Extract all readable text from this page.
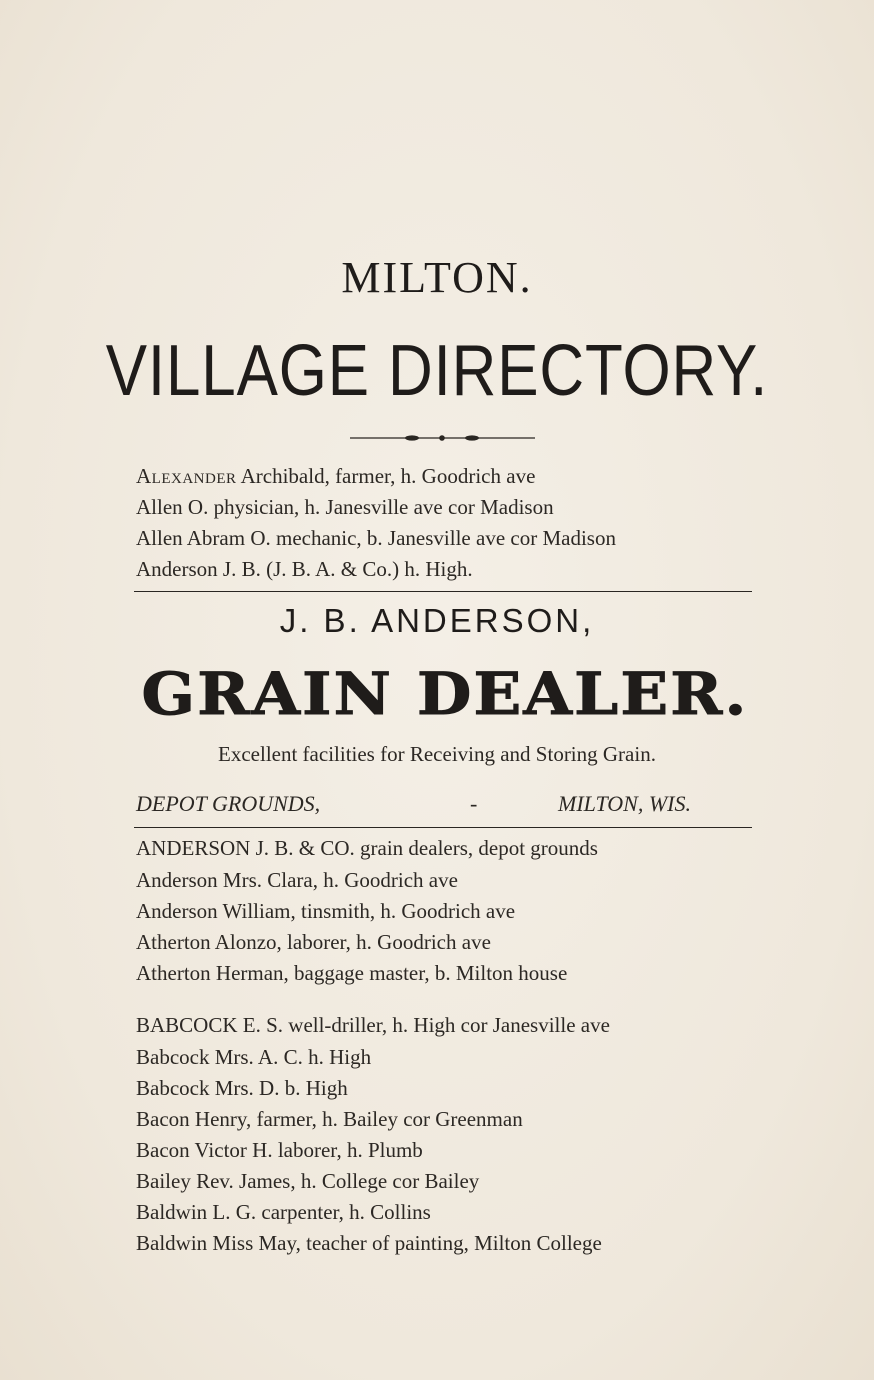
MILTON.
VILLAGE DIRECTORY.
Alexander Archibald, farmer, h. Goodrich ave
Allen O. physician, h. Janesville ave cor Madison
Allen Abram O. mechanic, b. Janesville ave cor Madison
Anderson J. B. (J. B. A. & Co.) h. High.
J. B. ANDERSON,
GRAIN DEALER.
Excellent facilities for Receiving and Storing Grain.
DEPOT GROUNDS,	-	MILTON, WIS.
ANDERSON J. B. & CO. grain dealers, depot grounds
Anderson Mrs. Clara, h. Goodrich ave
Anderson William, tinsmith, h. Goodrich ave
Atherton Alonzo, laborer, h. Goodrich ave
Atherton Herman, baggage master, b. Milton house
BABCOCK E. S. well-driller, h. High cor Janesville ave
Babcock Mrs. A. C. h. High
Babcock Mrs. D. b. High
Bacon Henry, farmer, h. Bailey cor Greenman
Bacon Victor H. laborer, h. Plumb
Bailey Rev. James, h. College cor Bailey
Baldwin L. G. carpenter, h. Collins
Baldwin Miss May, teacher of painting, Milton College
